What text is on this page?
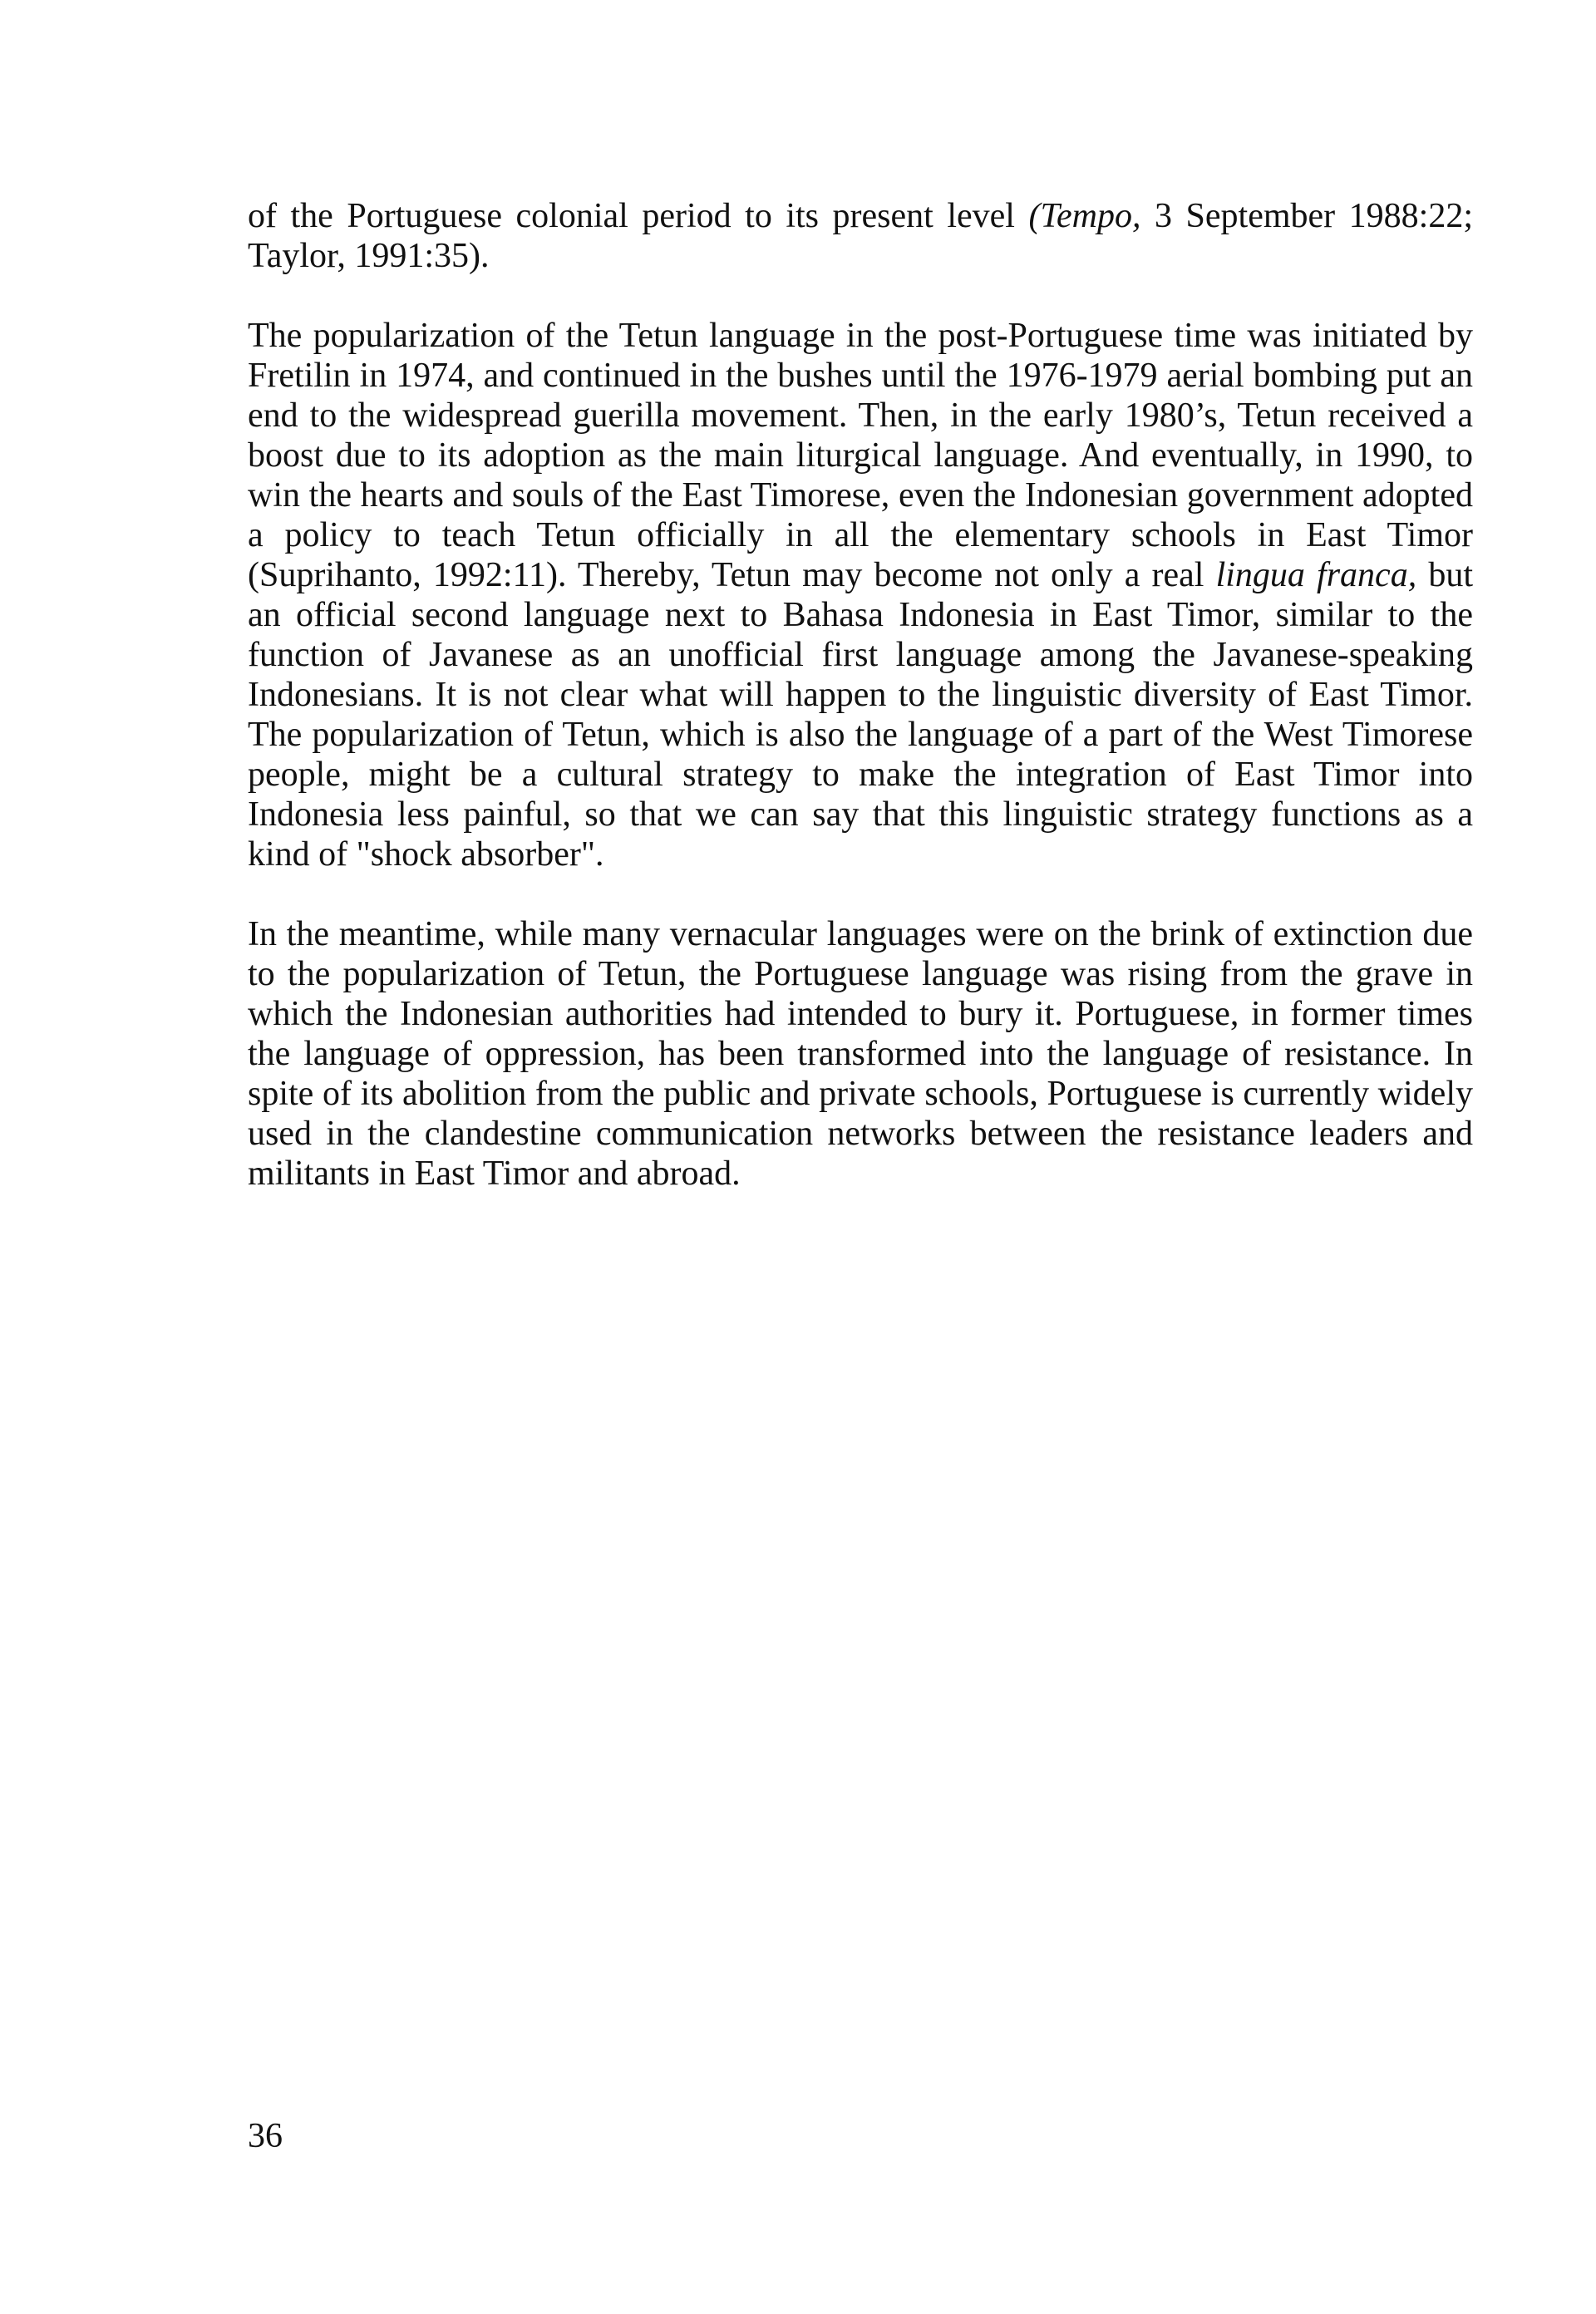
of the Portuguese colonial period to its present level (Tempo, 3 September 1988:22; Taylor, 1991:35).

The popularization of the Tetun language in the post-Portuguese time was initiated by Fretilin in 1974, and continued in the bushes until the 1976-1979 aerial bombing put an end to the widespread guerilla movement. Then, in the early 1980’s, Tetun received a boost due to its adoption as the main liturgical language. And eventually, in 1990, to win the hearts and souls of the East Timorese, even the Indonesian government adopted a policy to teach Tetun officially in all the elementary schools in East Timor (Suprihanto, 1992:11). Thereby, Tetun may become not only a real lingua franca, but an official second language next to Bahasa Indonesia in East Timor, similar to the function of Javanese as an unofficial first language among the Javanese-speaking Indonesians. It is not clear what will happen to the linguistic diversity of East Timor. The popularization of Tetun, which is also the language of a part of the West Timorese people, might be a cultural strategy to make the integration of East Timor into Indonesia less painful, so that we can say that this linguistic strategy functions as a kind of "shock absorber".

In the meantime, while many vernacular languages were on the brink of extinction due to the popularization of Tetun, the Portuguese language was rising from the grave in which the Indonesian authorities had intended to bury it. Portuguese, in former times the language of oppression, has been transformed into the language of resistance. In spite of its abolition from the public and private schools, Portuguese is currently widely used in the clandestine communication networks between the resistance leaders and militants in East Timor and abroad.

36
